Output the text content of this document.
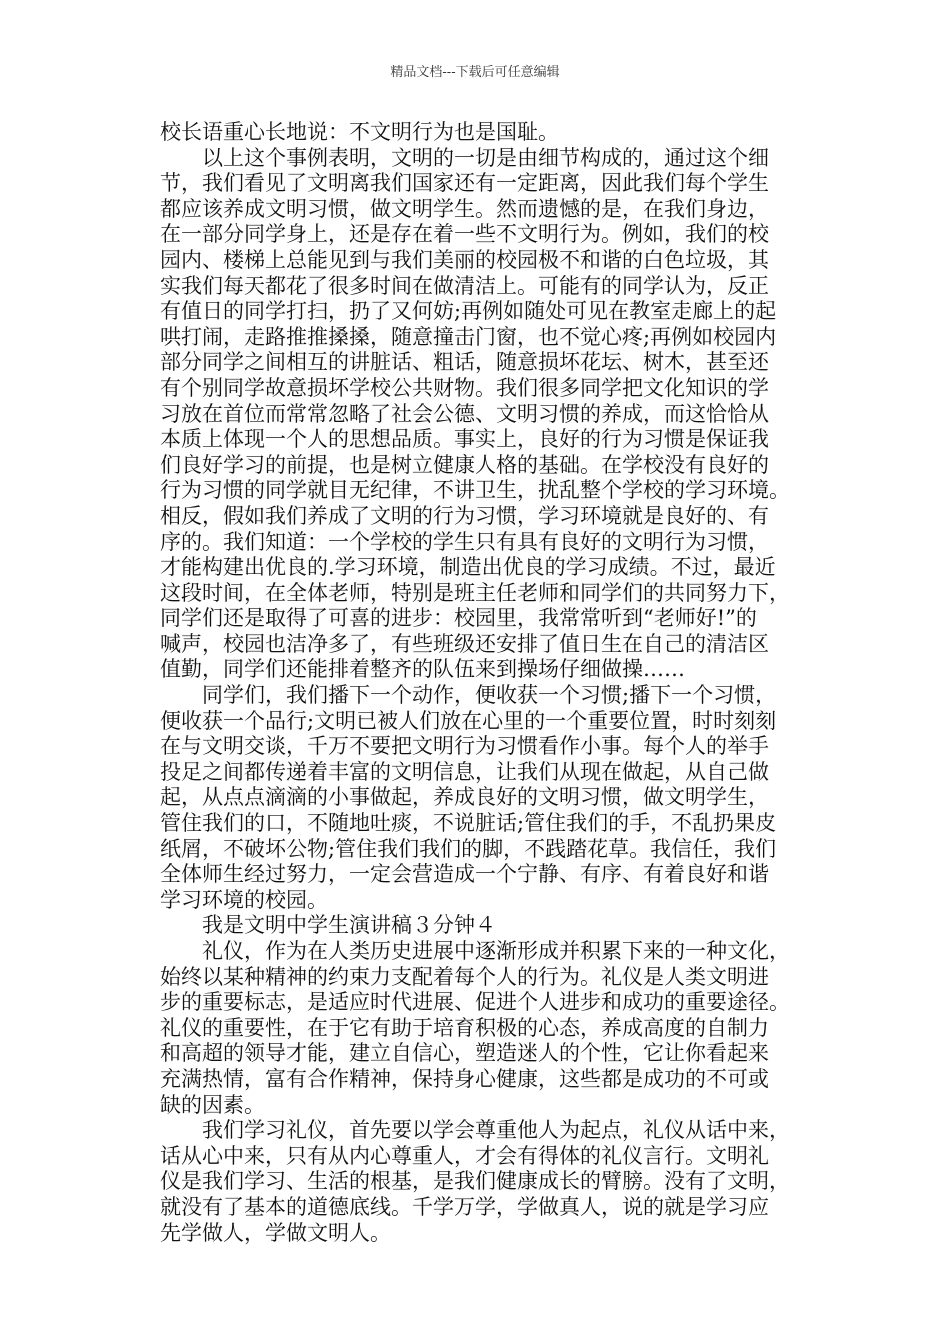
精品文档---下载后可任意编辑
校长语重心长地说：不文明行为也是国耻。
以上这个事例表明，文明的一切是由细节构成的，通过这个细
节，我们看见了文明离我们国家还有一定距离，因此我们每个学生
都应该养成文明习惯，做文明学生。然而遗憾的是，在我们身边，
在一部分同学身上，还是存在着一些不文明行为。例如，我们的校
园内、楼梯上总能见到与我们美丽的校园极不和谐的白色垃圾，其
实我们每天都花了很多时间在做清洁上。可能有的同学认为，反正
有值日的同学打扫，扔了又何妨;再例如随处可见在教室走廊上的起
哄打闹，走路推推搡搡，随意撞击门窗，也不觉心疼;再例如校园内
部分同学之间相互的讲脏话、粗话，随意损坏花坛、树木，甚至还
有个别同学故意损坏学校公共财物。我们很多同学把文化知识的学
习放在首位而常常忽略了社会公德、文明习惯的养成，而这恰恰从
本质上体现一个人的思想品质。事实上，良好的行为习惯是保证我
们良好学习的前提，也是树立健康人格的基础。在学校没有良好的
行为习惯的同学就目无纪律，不讲卫生，扰乱整个学校的学习环境。
相反，假如我们养成了文明的行为习惯，学习环境就是良好的、有
序的。我们知道：一个学校的学生只有具有良好的文明行为习惯，
才能构建出优良的.学习环境，制造出优良的学习成绩。不过，最近
这段时间，在全体老师，特别是班主任老师和同学们的共同努力下，
同学们还是取得了可喜的进步：校园里，我常常听到“老师好!”的
喊声，校园也洁净多了，有些班级还安排了值日生在自己的清洁区
值勤，同学们还能排着整齐的队伍来到操场仔细做操……
同学们，我们播下一个动作，便收获一个习惯;播下一个习惯，
便收获一个品行;文明已被人们放在心里的一个重要位置，时时刻刻
在与文明交谈，千万不要把文明行为习惯看作小事。每个人的举手
投足之间都传递着丰富的文明信息，让我们从现在做起，从自己做
起，从点点滴滴的小事做起，养成良好的文明习惯，做文明学生，
管住我们的口，不随地吐痰，不说脏话;管住我们的手，不乱扔果皮
纸屑，不破坏公物;管住我们我们的脚，不践踏花草。我信任，我们
全体师生经过努力，一定会营造成一个宁静、有序、有着良好和谐
学习环境的校园。
我是文明中学生演讲稿３分钟４
礼仪，作为在人类历史进展中逐渐形成并积累下来的一种文化，
始终以某种精神的约束力支配着每个人的行为。礼仪是人类文明进
步的重要标志，是适应时代进展、促进个人进步和成功的重要途径。
礼仪的重要性，在于它有助于培育积极的心态，养成高度的自制力
和高超的领导才能，建立自信心，塑造迷人的个性，它让你看起来
充满热情，富有合作精神，保持身心健康，这些都是成功的不可或
缺的因素。
我们学习礼仪，首先要以学会尊重他人为起点，礼仪从话中来，
话从心中来，只有从内心尊重人，才会有得体的礼仪言行。文明礼
仪是我们学习、生活的根基，是我们健康成长的臂膀。没有了文明，
就没有了基本的道德底线。千学万学，学做真人，说的就是学习应
先学做人，学做文明人。
